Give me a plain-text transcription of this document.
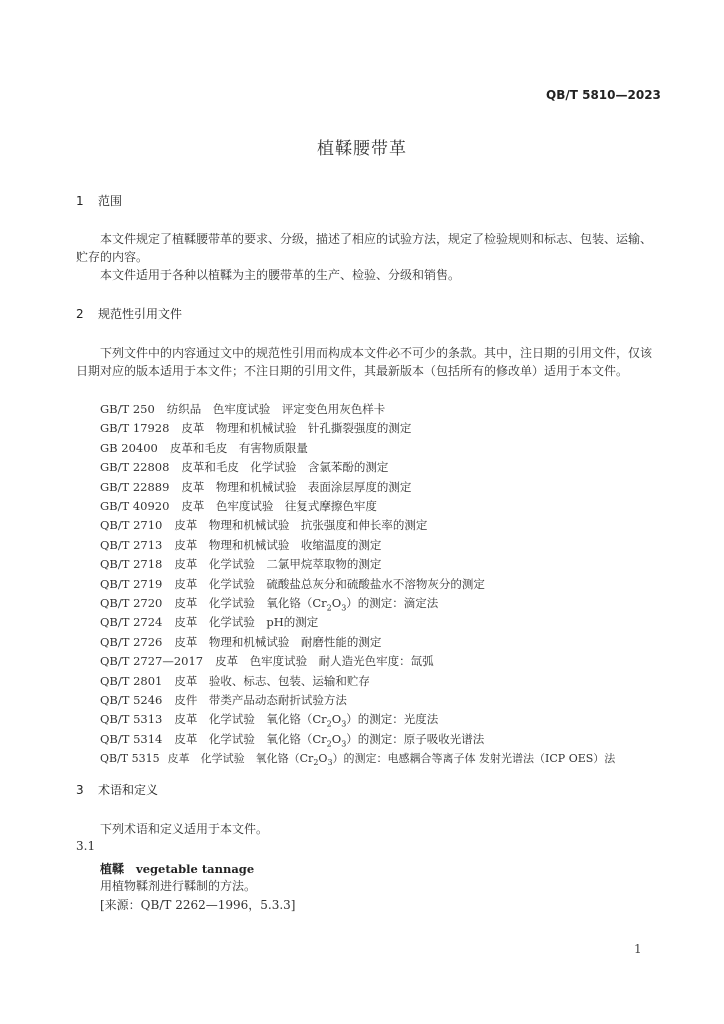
QB/T 5810—2023
植鞣腰带革
1 范围
本文件规定了植鞣腰带革的要求、分级，描述了相应的试验方法，规定了检验规则和标志、包装、运输、贮存的内容。
本文件适用于各种以植鞣为主的腰带革的生产、检验、分级和销售。
2 规范性引用文件
下列文件中的内容通过文中的规范性引用而构成本文件必不可少的条款。其中，注日期的引用文件，仅该日期对应的版本适用于本文件；不注日期的引用文件，其最新版本（包括所有的修改单）适用于本文件。
GB/T 250 纺织品　色牢度试验　评定变色用灰色样卡
GB/T 17928 皮革　物理和机械试验　针孔撕裂强度的测定
GB 20400 皮革和毛皮　有害物质限量
GB/T 22808 皮革和毛皮　化学试验　含氯苯酚的测定
GB/T 22889 皮革　物理和机械试验　表面涂层厚度的测定
GB/T 40920 皮革　色牢度试验　往复式摩擦色牢度
QB/T 2710 皮革　物理和机械试验　抗张强度和伸长率的测定
QB/T 2713 皮革　物理和机械试验　收缩温度的测定
QB/T 2718 皮革　化学试验　二氯甲烷萃取物的测定
QB/T 2719 皮革　化学试验　硫酸盐总灰分和硫酸盐水不溶物灰分的测定
QB/T 2720 皮革　化学试验　氧化铬$(Cr_2O_3)$的测定：滴定法
QB/T 2724 皮革　化学试验　pH的测定
QB/T 2726 皮革　物理和机械试验　耐磨性能的测定
QB/T 2727—2017 皮革　色牢度试验　耐人造光色牢度：氙弧
QB/T 2801 皮革　验收、标志、包装、运输和贮存
QB/T 5246 皮件　带类产品动态耐折试验方法
QB/T 5313 皮革　化学试验　氧化铬$(Cr_2O_3)$的测定：光度法
QB/T 5314 皮革　化学试验　氧化铬$(Cr_2O_3)$的测定：原子吸收光谱法
QB/T 5315 皮革　化学试验　氧化铬$(Cr_2O_3)$的测定：电感耦合等离子体 发射光谱法（ICP OES）法
3 术语和定义
下列术语和定义适用于本文件。
3.1
植鞣 vegetable tannage
用植物鞣剂进行鞣制的方法。
[来源：QB/T 2262—1996，5.3.3]
1
